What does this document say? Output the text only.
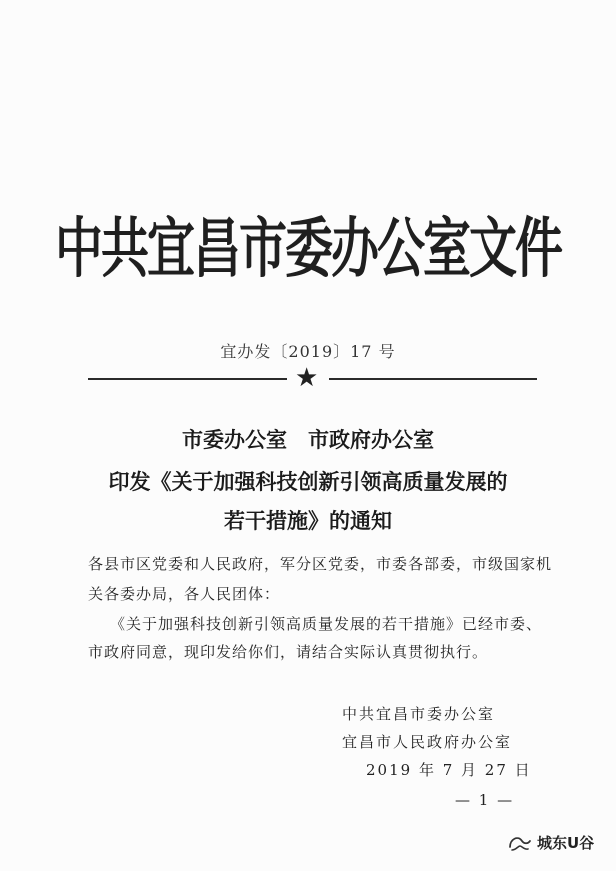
中共宜昌市委办公室文件
宜办发〔2019〕17 号
★
市委办公室　市政府办公室
印发《关于加强科技创新引领高质量发展的
若干措施》的通知
各县市区党委和人民政府，军分区党委，市委各部委，市级国家机
关各委办局，各人民团体：
《关于加强科技创新引领高质量发展的若干措施》已经市委、
市政府同意，现印发给你们，请结合实际认真贯彻执行。
中共宜昌市委办公室
宜昌市人民政府办公室
2019 年 7 月 27 日
— 1 —
城东U谷
